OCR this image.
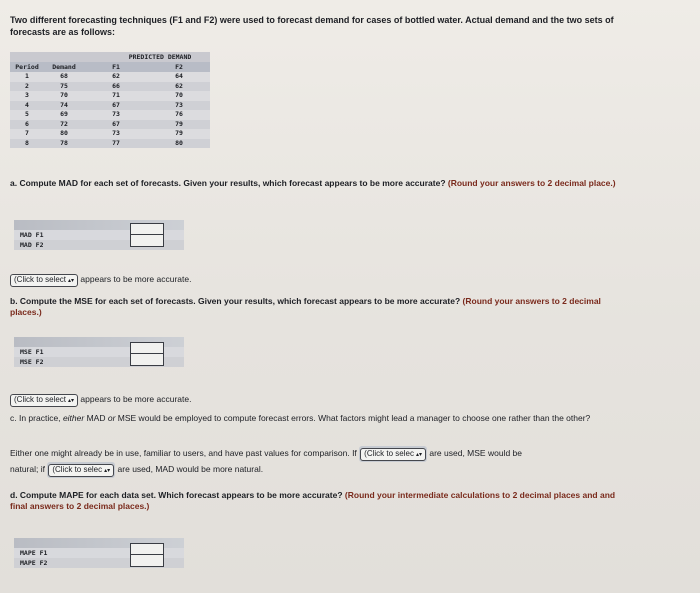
Two different forecasting techniques (F1 and F2) were used to forecast demand for cases of bottled water. Actual demand and the two sets of forecasts are as follows:
PREDICTED DEMAND
Period	Demand	F1	F2
1	68	62	64
2	75	66	62
3	70	71	70
4	74	67	73
5	69	73	76
6	72	67	79
7	80	73	79
8	78	77	80
a. Compute MAD for each set of forecasts. Given your results, which forecast appears to be more accurate? (Round your answers to 2 decimal place.)
MAD F1
MAD F2
(Click to select ▴▾ appears to be more accurate.
b. Compute the MSE for each set of forecasts. Given your results, which forecast appears to be more accurate? (Round your answers to 2 decimal places.)
MSE F1
MSE F2
(Click to select ▴▾ appears to be more accurate.
c. In practice, either MAD or MSE would be employed to compute forecast errors. What factors might lead a manager to choose one rather than the other?
Either one might already be in use, familiar to users, and have past values for comparison. If (Click to selec ▴▾ are used, MSE would be
natural; if (Click to selec ▴▾ are used, MAD would be more natural.
d. Compute MAPE for each data set. Which forecast appears to be more accurate? (Round your intermediate calculations to 2 decimal places and and final answers to 2 decimal places.)
MAPE F1
MAPE F2
